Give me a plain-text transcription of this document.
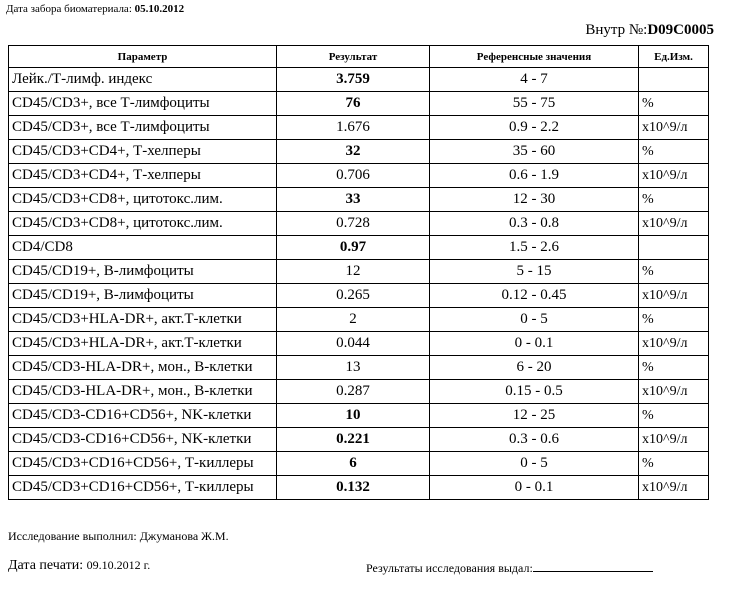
Дата забора биоматериала: 05.10.2012
Внутр №:D09C0005
Параметр	Результат	Референсные значения	Ед.Изм.
Лейк./Т-лимф. индекс	3.759	4 - 7	
CD45/CD3+, все Т-лимфоциты	76	55 - 75	%
CD45/CD3+, все Т-лимфоциты	1.676	0.9 - 2.2	x10^9/л
CD45/CD3+CD4+, Т-хелперы	32	35 - 60	%
CD45/CD3+CD4+, Т-хелперы	0.706	0.6 - 1.9	x10^9/л
CD45/CD3+CD8+, цитотокс.лим.	33	12 - 30	%
CD45/CD3+CD8+, цитотокс.лим.	0.728	0.3 - 0.8	x10^9/л
CD4/CD8	0.97	1.5 - 2.6	
CD45/CD19+, В-лимфоциты	12	5 - 15	%
CD45/CD19+, В-лимфоциты	0.265	0.12 - 0.45	x10^9/л
CD45/CD3+HLA-DR+, акт.Т-клетки	2	0 - 5	%
CD45/CD3+HLA-DR+, акт.Т-клетки	0.044	0 - 0.1	x10^9/л
CD45/CD3-HLA-DR+, мон., В-клетки	13	6 - 20	%
CD45/CD3-HLA-DR+, мон., В-клетки	0.287	0.15 - 0.5	x10^9/л
CD45/CD3-CD16+CD56+, NK-клетки	10	12 - 25	%
CD45/CD3-CD16+CD56+, NK-клетки	0.221	0.3 - 0.6	x10^9/л
CD45/CD3+CD16+CD56+, Т-киллеры	6	0 - 5	%
CD45/CD3+CD16+CD56+, Т-киллеры	0.132	0 - 0.1	x10^9/л
Исследование выполнил: Джуманова Ж.М.
Дата печати: 09.10.2012 г.	Результаты исследования выдал:
